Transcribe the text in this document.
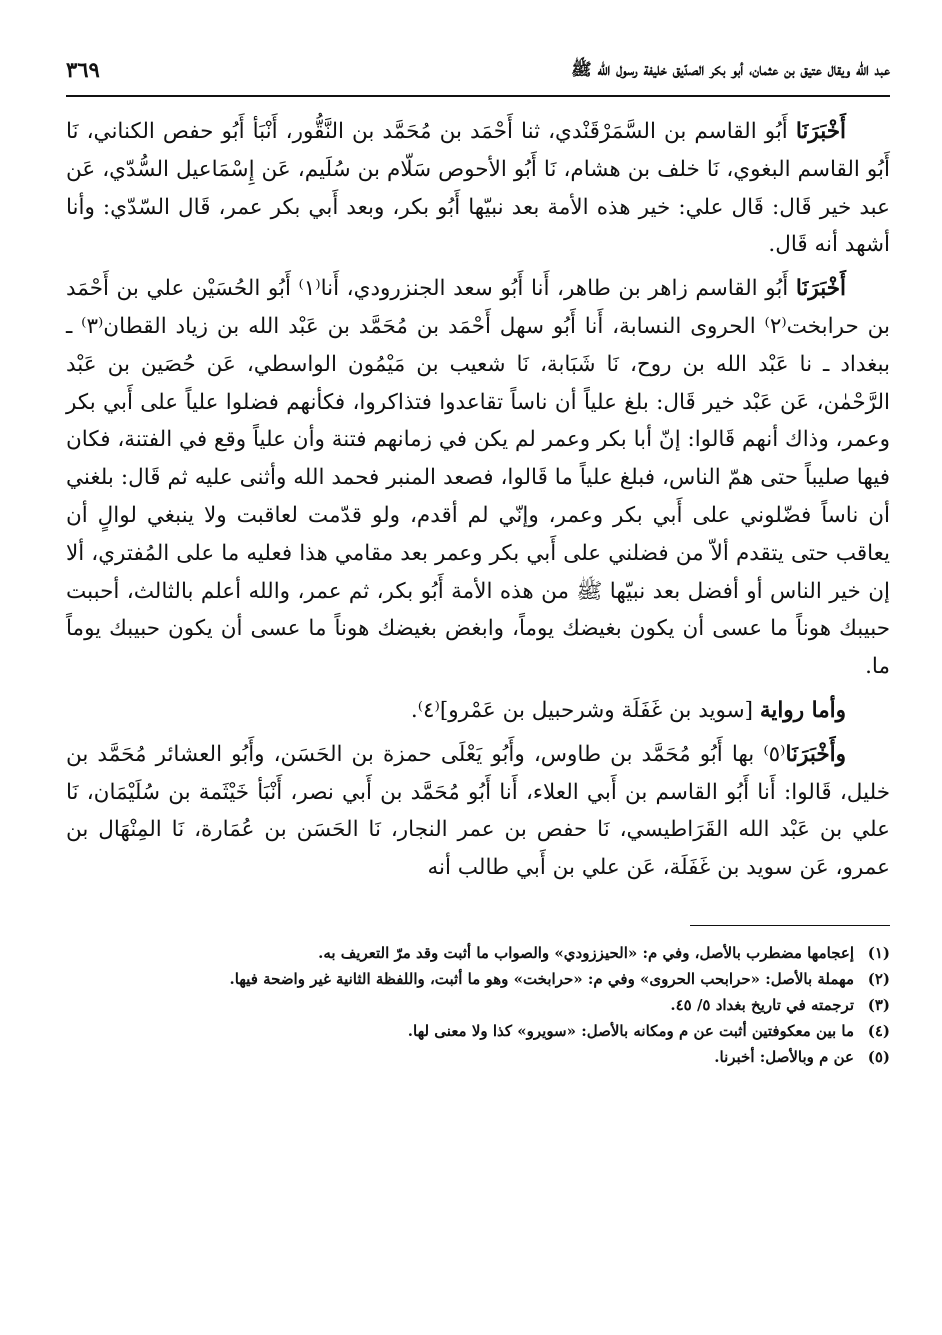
عبد الله ويقال عتيق بن عثمان، أبو بكر الصدّيق خليفة رسول الله ﷺ
٣٦٩

أَخْبَرَنَا أَبُو القاسم بن السَّمَرْقَنْدي، ثنا أَحْمَد بن مُحَمَّد بن النَّقُّور، أَنْبَأ أَبُو حفص الكناني، نَا أَبُو القاسم البغوي، نَا خلف بن هشام، نَا أَبُو الأحوص سَلّام بن سُلَيم، عَن إِسْمَاعيل السُّدّي، عَن عبد خير قَال: قَال علي: خير هذه الأمة بعد نبيّها أَبُو بكر، وبعد أَبي بكر عمر، قَال السّدّي: وأنا أشهد أنه قَال.

أَخْبَرَنَا أَبُو القاسم زاهر بن طاهر، أَنا أَبُو سعد الجنزرودي، أَنا⁽١⁾ أَبُو الحُسَيْن علي بن أَحْمَد بن حرابخت⁽٢⁾ الحروى النسابة، أَنا أَبُو سهل أَحْمَد بن مُحَمَّد بن عَبْد الله بن زياد القطان⁽٣⁾ ـ ببغداد ـ نا عَبْد الله بن روح، نَا شَبَابة، نَا شعيب بن مَيْمُون الواسطي، عَن حُصَين بن عَبْد الرَّحْمٰن، عَن عَبْد خير قَال: بلغ علياً أن ناساً تقاعدوا فتذاكروا، فكأنهم فضلوا علياً على أَبي بكر وعمر، وذاك أنهم قَالوا: إنّ أبا بكر وعمر لم يكن في زمانهم فتنة وأن علياً وقع في الفتنة، فكان فيها صليباً حتى همّ الناس، فبلغ علياً ما قَالوا، فصعد المنبر فحمد الله وأثنى عليه ثم قَال: بلغني أن ناساً فضّلوني على أَبي بكر وعمر، وإنّي لم أقدم، ولو قدّمت لعاقبت ولا ينبغي لوالٍ أن يعاقب حتى يتقدم ألاّ من فضلني على أَبي بكر وعمر بعد مقامي هذا فعليه ما على المُفتري، ألا إن خير الناس أو أفضل بعد نبيّها ﷺ من هذه الأمة أَبُو بكر، ثم عمر، والله أعلم بالثالث، أحببت حبيبك هوناً ما عسى أن يكون بغيضك يوماً، وابغض بغيضك هوناً ما عسى أن يكون حبيبك يوماً ما.

وأما رواية [سويد بن غَفَلَة وشرحبيل بن عَمْرو]⁽٤⁾.

وأَخْبَرَنَا⁽٥⁾ بها أَبُو مُحَمَّد بن طاوس، وأَبُو يَعْلَى حمزة بن الحَسَن، وأَبُو العشائر مُحَمَّد بن خليل، قَالوا: أَنا أَبُو القاسم بن أَبي العلاء، أَنا أَبُو مُحَمَّد بن أَبي نصر، أَنْبَأ خَيْثَمة بن سُلَيْمَان، نَا علي بن عَبْد الله القَرَاطيسي، نَا حفص بن عمر النجار، نَا الحَسَن بن عُمَارة، نَا المِنْهَال بن عمرو، عَن سويد بن غَفَلَة، عَن علي بن أَبي طالب أنه

(١)
إعجامها مضطرب بالأصل، وفي م: «الحيززودي» والصواب ما أثبت وقد مرّ التعريف به.
(٢)
مهملة بالأصل: «حرابحب الحروى» وفي م: «حرابخت» وهو ما أثبت، واللفظة الثانية غير واضحة فيها.
(٣)
ترجمته في تاريخ بغداد ٥/ ٤٥.
(٤)
ما بين معكوفتين أثبت عن م ومكانه بالأصل: «سويرو» كذا ولا معنى لها.
(٥)
عن م وبالأصل: أخبرنا.
